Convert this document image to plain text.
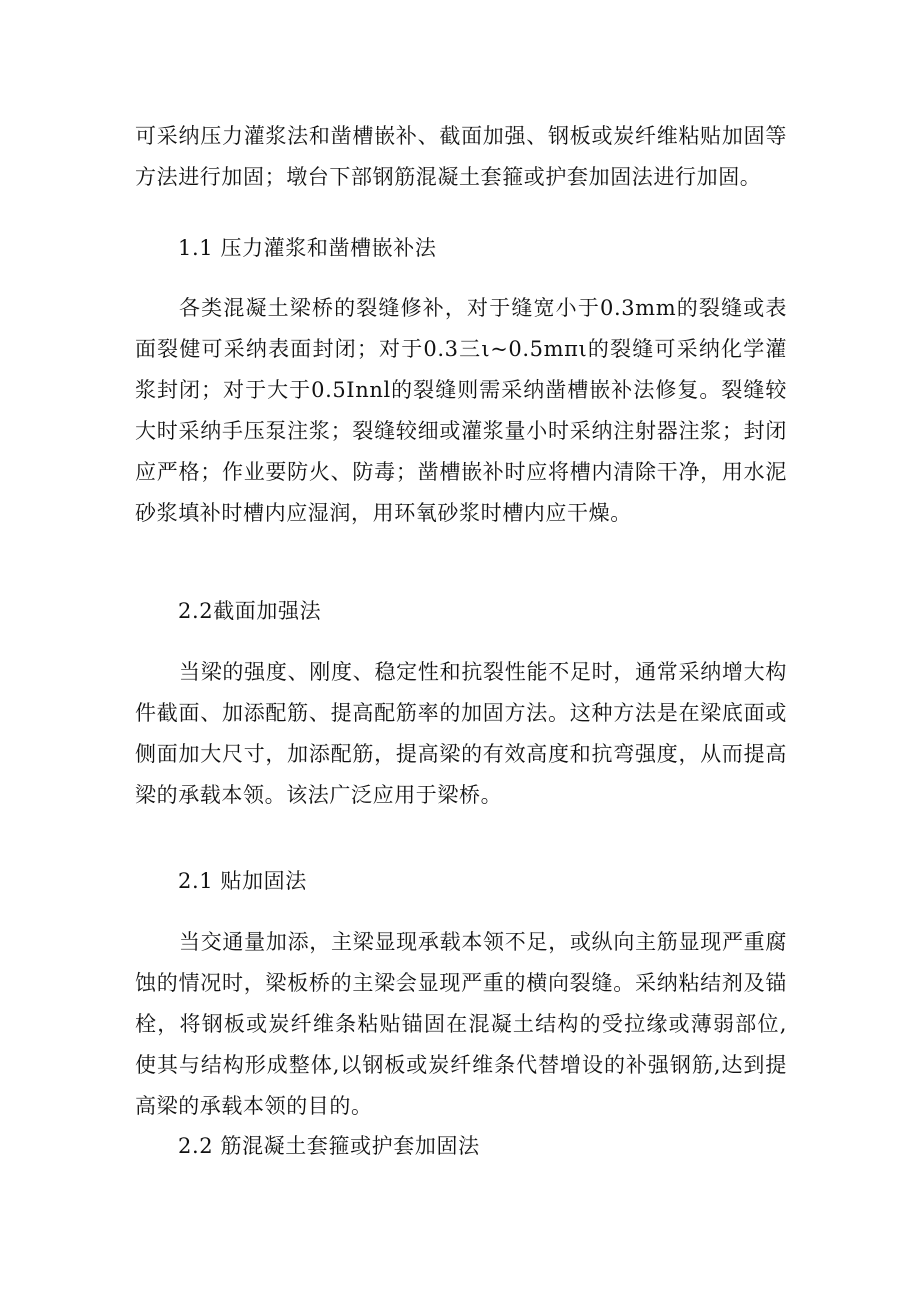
可采纳压力灌浆法和凿槽嵌补、截面加强、钢板或炭纤维粘贴加固等方法进行加固；墩台下部钢筋混凝土套箍或护套加固法进行加固。

1.1 压力灌浆和凿槽嵌补法

各类混凝土梁桥的裂缝修补，对于缝宽小于0.3mm的裂缝或表面裂健可采纳表面封闭；对于0.3三ι~0.5mπι的裂缝可采纳化学灌浆封闭；对于大于0.5Innl的裂缝则需采纳凿槽嵌补法修复。裂缝较大时采纳手压泵注浆；裂缝较细或灌浆量小时采纳注射器注浆；封闭应严格；作业要防火、防毒；凿槽嵌补时应将槽内清除干净，用水泥砂浆填补时槽内应湿润，用环氧砂浆时槽内应干燥。

2.2截面加强法

当梁的强度、刚度、稳定性和抗裂性能不足时，通常采纳增大构件截面、加添配筋、提高配筋率的加固方法。这种方法是在梁底面或侧面加大尺寸，加添配筋，提高梁的有效高度和抗弯强度，从而提高梁的承载本领。该法广泛应用于梁桥。

2.1 贴加固法

当交通量加添，主梁显现承载本领不足，或纵向主筋显现严重腐蚀的情况时，梁板桥的主梁会显现严重的横向裂缝。采纳粘结剂及锚栓，将钢板或炭纤维条粘贴锚固在混凝土结构的受拉缘或薄弱部位,使其与结构形成整体,以钢板或炭纤维条代替增设的补强钢筋,达到提高梁的承载本领的目的。

2.2 筋混凝土套箍或护套加固法
